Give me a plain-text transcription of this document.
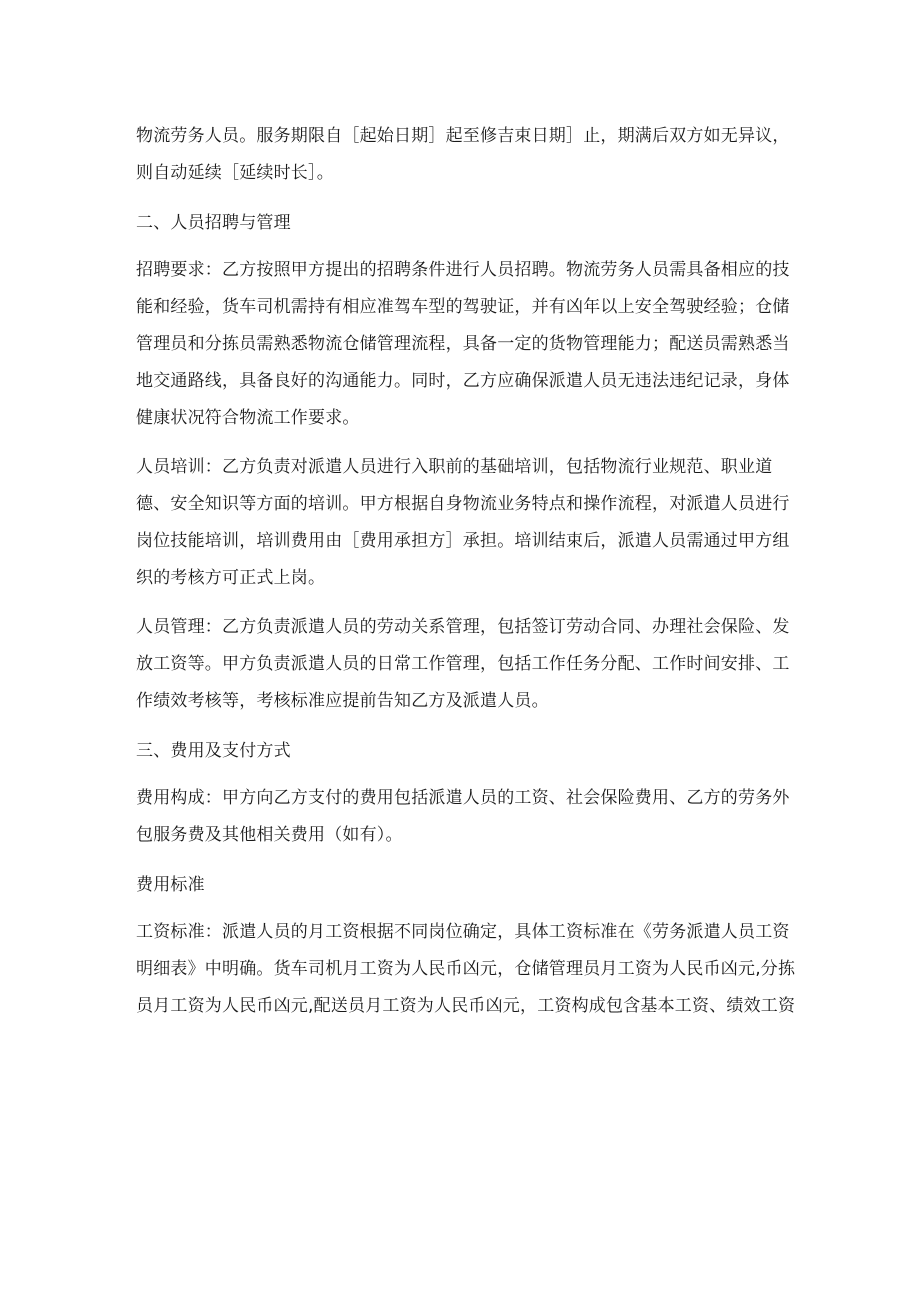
物流劳务人员。服务期限自［起始日期］起至修吉束日期］止，期满后双方如无异议，则自动延续［延续时长］。

二、人员招聘与管理

招聘要求：乙方按照甲方提出的招聘条件进行人员招聘。物流劳务人员需具备相应的技能和经验，货车司机需持有相应准驾车型的驾驶证，并有凶年以上安全驾驶经验；仓储管理员和分拣员需熟悉物流仓储管理流程，具备一定的货物管理能力；配送员需熟悉当地交通路线，具备良好的沟通能力。同时，乙方应确保派遣人员无违法违纪记录，身体健康状况符合物流工作要求。

人员培训：乙方负责对派遣人员进行入职前的基础培训，包括物流行业规范、职业道德、安全知识等方面的培训。甲方根据自身物流业务特点和操作流程，对派遣人员进行岗位技能培训，培训费用由［费用承担方］承担。培训结束后，派遣人员需通过甲方组织的考核方可正式上岗。

人员管理：乙方负责派遣人员的劳动关系管理，包括签订劳动合同、办理社会保险、发放工资等。甲方负责派遣人员的日常工作管理，包括工作任务分配、工作时间安排、工作绩效考核等，考核标准应提前告知乙方及派遣人员。

三、费用及支付方式

费用构成：甲方向乙方支付的费用包括派遣人员的工资、社会保险费用、乙方的劳务外包服务费及其他相关费用（如有）。

费用标准

工资标准：派遣人员的月工资根据不同岗位确定，具体工资标准在《劳务派遣人员工资明细表》中明确。货车司机月工资为人民币凶元，仓储管理员月工资为人民币凶元,分拣员月工资为人民币凶元,配送员月工资为人民币凶元，工资构成包含基本工资、绩效工资
